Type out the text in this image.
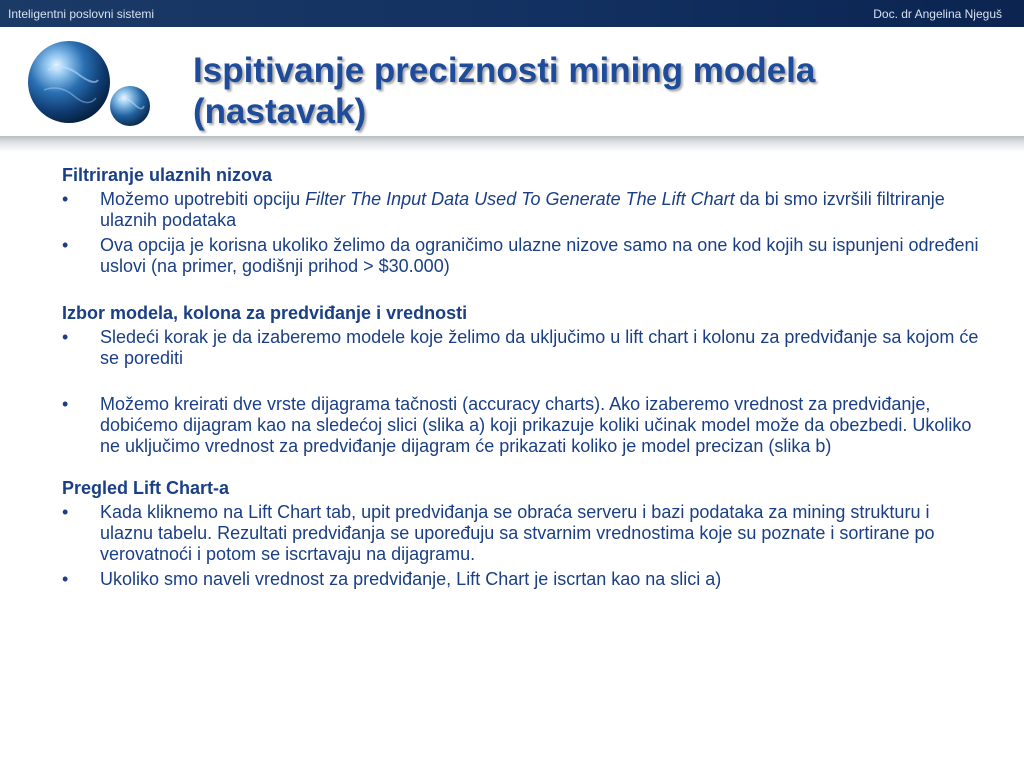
Inteligentni poslovni sistemi	Doc. dr Angelina Njeguš
Ispitivanje preciznosti mining modela
(nastavak)
Filtriranje ulaznih nizova
• Možemo upotrebiti opciju Filter The Input Data Used To Generate The Lift Chart da bi smo izvršili filtriranje ulaznih podataka
• Ova opcija je korisna ukoliko želimo da ograničimo ulazne nizove samo na one kod kojih su ispunjeni određeni uslovi (na primer, godišnji prihod > $30.000)
Izbor modela, kolona za predviđanje i vrednosti
• Sledeći korak je da izaberemo modele koje želimo da uključimo u lift chart i kolonu za predviđanje sa kojom će se porediti
• Možemo kreirati dve vrste dijagrama tačnosti (accuracy charts). Ako izaberemo vrednost za predviđanje, dobićemo dijagram kao na sledećoj slici (slika a) koji prikazuje koliki učinak model može da obezbedi. Ukoliko ne uključimo vrednost za predviđanje dijagram će prikazati koliko je model precizan (slika b)
Pregled Lift Chart-a
• Kada kliknemo na Lift Chart tab, upit predviđanja se obraća serveru i bazi podataka za mining strukturu i ulaznu tabelu. Rezultati predviđanja se upoređuju sa stvarnim vrednostima koje su poznate i sortirane po verovatnoći i potom se iscrtavaju na dijagramu.
• Ukoliko smo naveli vrednost za predviđanje, Lift Chart je iscrtan kao na slici a)
